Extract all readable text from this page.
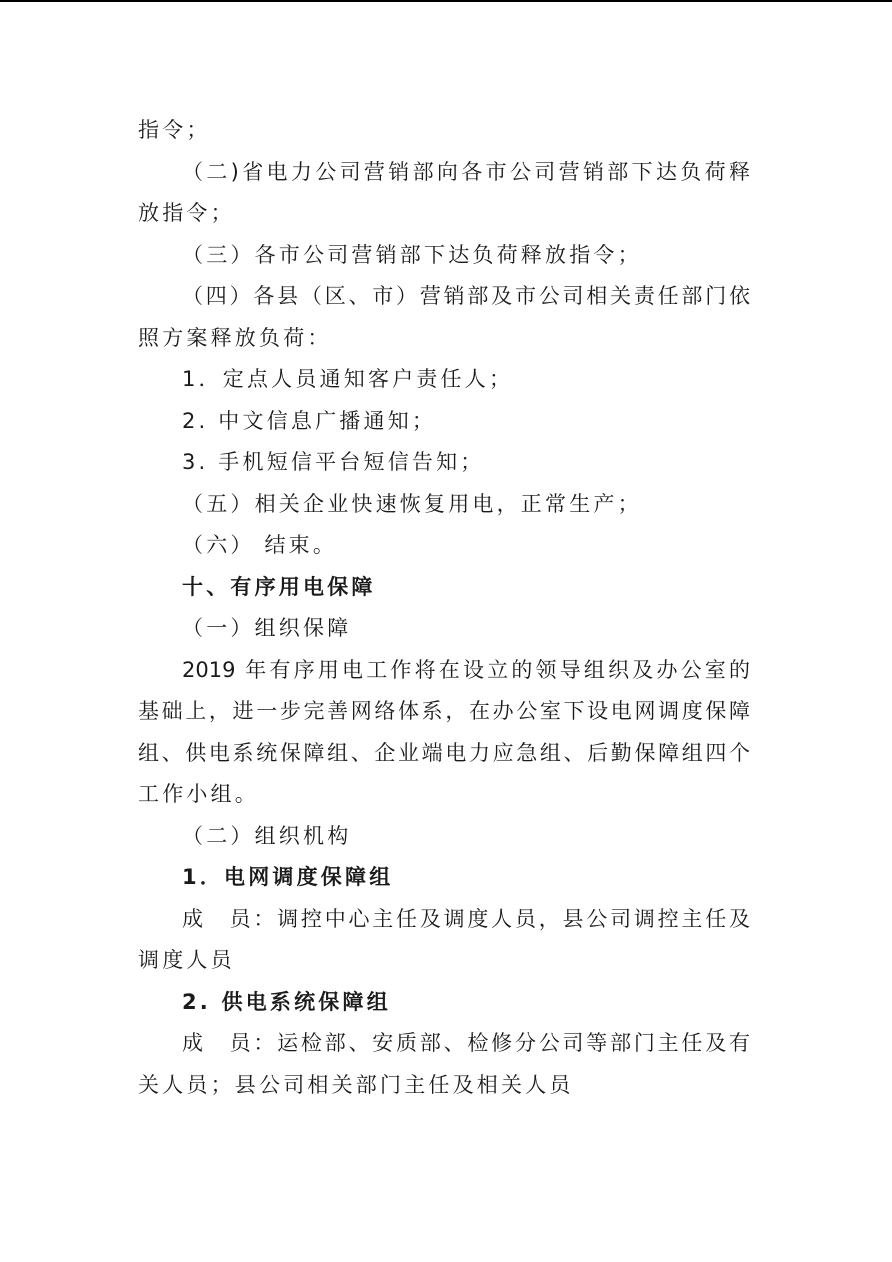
指令；
（二)省电力公司营销部向各市公司营销部下达负荷释
放指令；
（三）各市公司营销部下达负荷释放指令；
（四）各县（区、市）营销部及市公司相关责任部门依
照方案释放负荷：
1．定点人员通知客户责任人；
2. 中文信息广播通知；
3. 手机短信平台短信告知；
（五）相关企业快速恢复用电，正常生产；
（六） 结束。
十、有序用电保障
（一）组织保障
2019 年有序用电工作将在设立的领导组织及办公室的
基础上，进一步完善网络体系，在办公室下设电网调度保障
组、供电系统保障组、企业端电力应急组、后勤保障组四个
工作小组。
（二）组织机构
1．电网调度保障组
成　员：调控中心主任及调度人员，县公司调控主任及
调度人员
2. 供电系统保障组
成　员：运检部、安质部、检修分公司等部门主任及有
关人员；县公司相关部门主任及相关人员
